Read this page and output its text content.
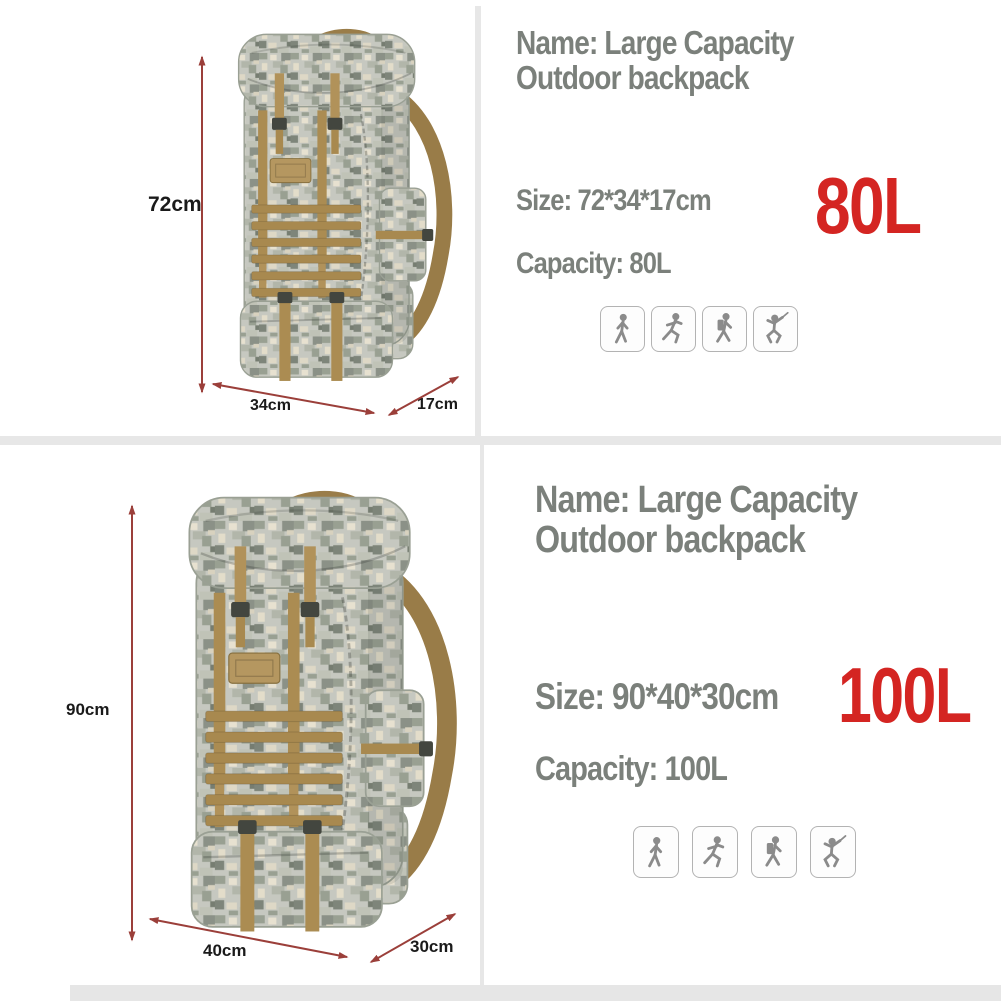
72cm
34cm	17cm
Name: Large Capacity
Outdoor backpack
Size: 72*34*17cm
Capacity: 80L
80L
90cm
40cm	30cm
Name: Large Capacity
Outdoor backpack
Size: 90*40*30cm 100L
Capacity: 100L
